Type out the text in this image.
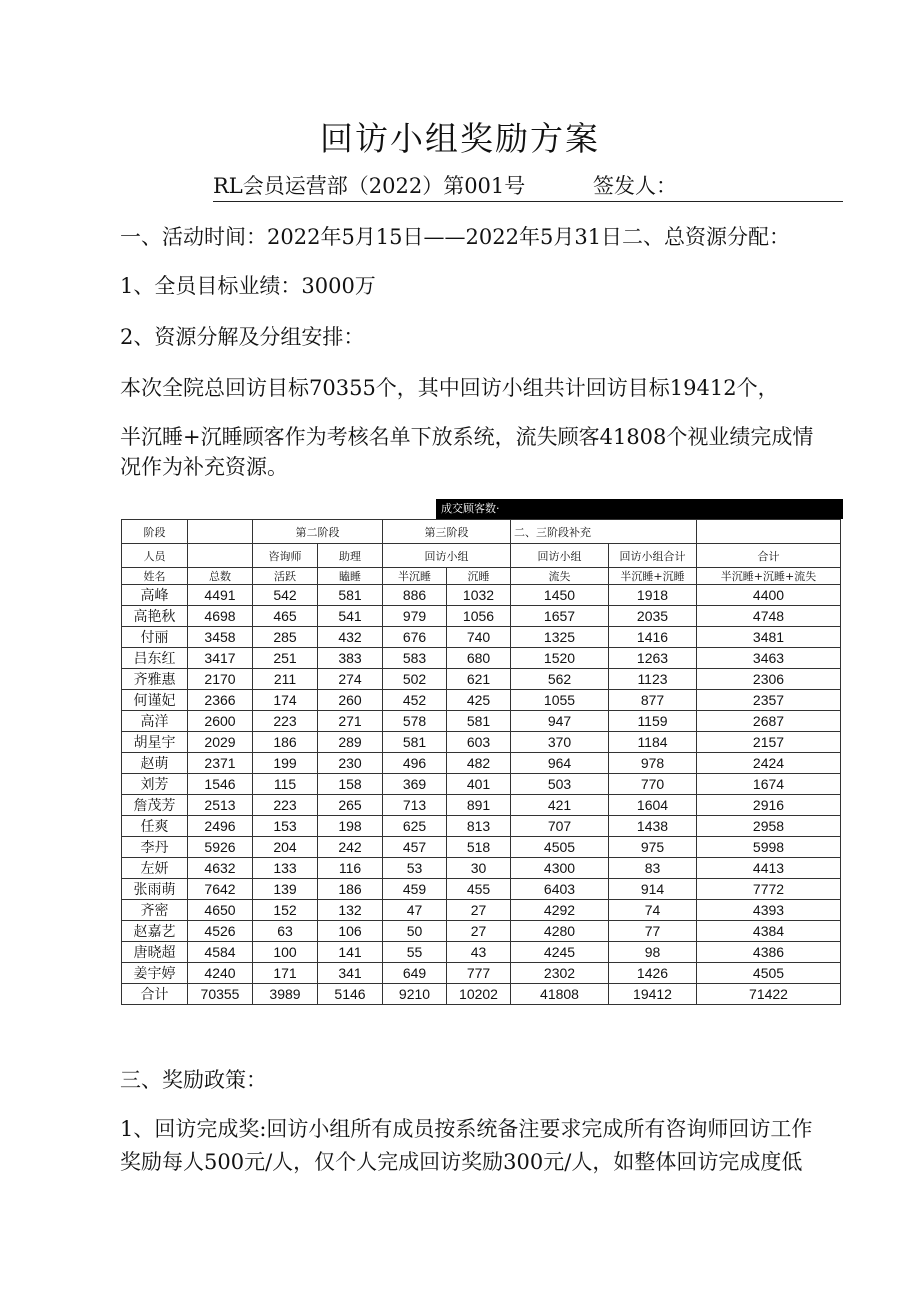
回访小组奖励方案
RL会员运营部（2022）第001号	签发人：
一、活动时间：2022年5月15日——2022年5月31日二、总资源分配：
1、全员目标业绩：3000万
2、资源分解及分组安排：
本次全院总回访目标70355个，其中回访小组共计回访目标19412个，
半沉睡+沉睡顾客作为考核名单下放系统，流失顾客41808个视业绩完成情
况作为补充资源。
成交顾客数·
阶段		第二阶段		第三阶段		二、三阶段补充		
人员		咨询师	助理	回访小组		回访小组	回访小组合计	合计
姓名	总数	活跃	瞌睡	半沉睡	沉睡	流失	半沉睡+沉睡	半沉睡+沉睡+流失
高峰	4491	542	581	886	1032	1450	1918	4400
高艳秋	4698	465	541	979	1056	1657	2035	4748
付丽	3458	285	432	676	740	1325	1416	3481
吕东红	3417	251	383	583	680	1520	1263	3463
齐雅惠	2170	211	274	502	621	562	1123	2306
何谨妃	2366	174	260	452	425	1055	877	2357
高洋	2600	223	271	578	581	947	1159	2687
胡星宇	2029	186	289	581	603	370	1184	2157
赵萌	2371	199	230	496	482	964	978	2424
刘芳	1546	115	158	369	401	503	770	1674
詹茂芳	2513	223	265	713	891	421	1604	2916
任爽	2496	153	198	625	813	707	1438	2958
李丹	5926	204	242	457	518	4505	975	5998
左妍	4632	133	116	53	30	4300	83	4413
张雨萌	7642	139	186	459	455	6403	914	7772
齐密	4650	152	132	47	27	4292	74	4393
赵嘉艺	4526	63	106	50	27	4280	77	4384
唐晓超	4584	100	141	55	43	4245	98	4386
姜宇婷	4240	171	341	649	777	2302	1426	4505
合计	70355	3989	5146	9210	10202	41808	19412	71422
三、奖励政策：
1、回访完成奖:回访小组所有成员按系统备注要求完成所有咨询师回访工作
奖励每人500元/人，仅个人完成回访奖励300元/人，如整体回访完成度低
